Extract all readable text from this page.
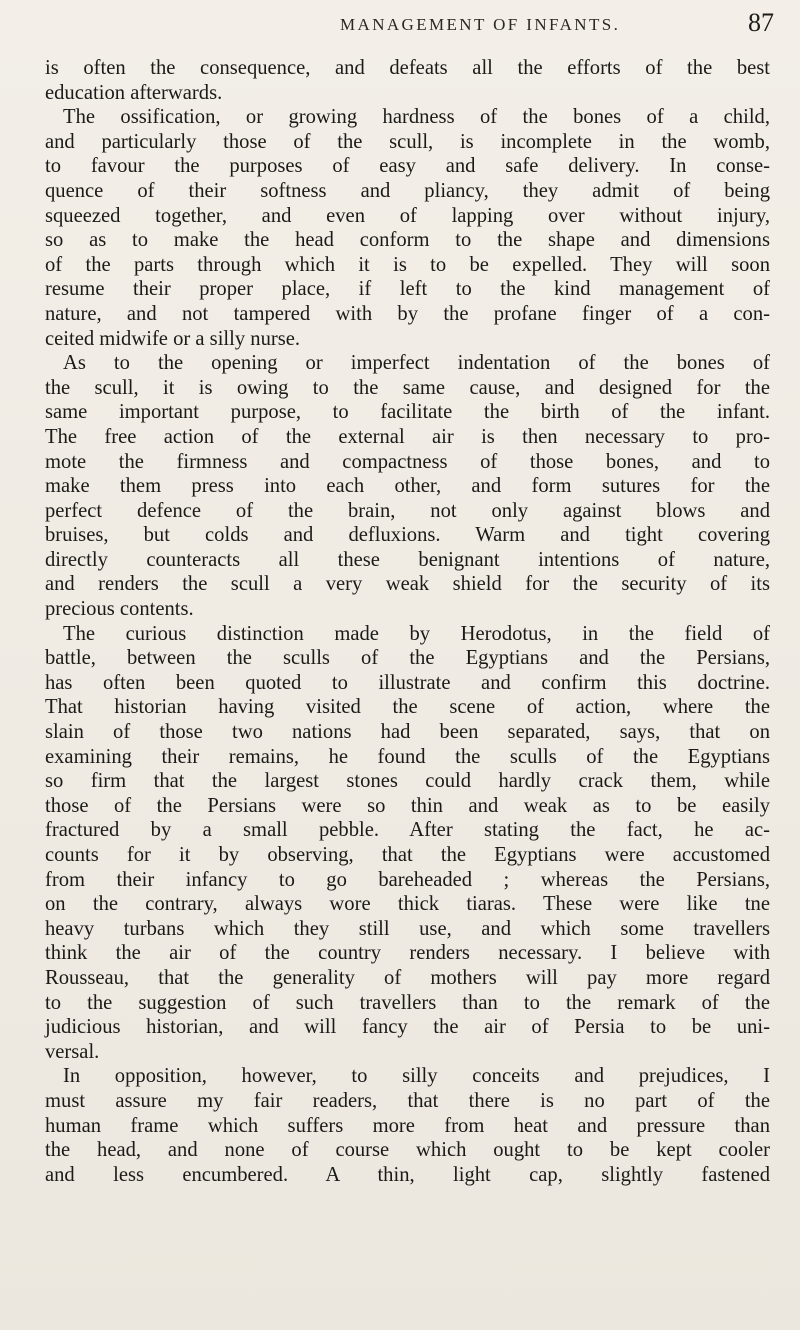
MANAGEMENT OF INFANTS.	87
is often the consequence, and defeats all the efforts of the best
education afterwards.
The ossification, or growing hardness of the bones of a child,
and particularly those of the scull, is incomplete in the womb,
to favour the purposes of easy and safe delivery. In conse-
quence of their softness and pliancy, they admit of being
squeezed together, and even of lapping over without injury,
so as to make the head conform to the shape and dimensions
of the parts through which it is to be expelled. They will soon
resume their proper place, if left to the kind management of
nature, and not tampered with by the profane finger of a con-
ceited midwife or a silly nurse.
As to the opening or imperfect indentation of the bones of
the scull, it is owing to the same cause, and designed for the
same important purpose, to facilitate the birth of the infant.
The free action of the external air is then necessary to pro-
mote the firmness and compactness of those bones, and to
make them press into each other, and form sutures for the
perfect defence of the brain, not only against blows and
bruises, but colds and defluxions. Warm and tight covering
directly counteracts all these benignant intentions of nature,
and renders the scull a very weak shield for the security of its
precious contents.
The curious distinction made by Herodotus, in the field of
battle, between the sculls of the Egyptians and the Persians,
has often been quoted to illustrate and confirm this doctrine.
That historian having visited the scene of action, where the
slain of those two nations had been separated, says, that on
examining their remains, he found the sculls of the Egyptians
so firm that the largest stones could hardly crack them, while
those of the Persians were so thin and weak as to be easily
fractured by a small pebble. After stating the fact, he ac-
counts for it by observing, that the Egyptians were accustomed
from their infancy to go bareheaded ; whereas the Persians,
on the contrary, always wore thick tiaras. These were like tne
heavy turbans which they still use, and which some travellers
think the air of the country renders necessary. I believe with
Rousseau, that the generality of mothers will pay more regard
to the suggestion of such travellers than to the remark of the
judicious historian, and will fancy the air of Persia to be uni-
versal.
In opposition, however, to silly conceits and prejudices, I
must assure my fair readers, that there is no part of the
human frame which suffers more from heat and pressure than
the head, and none of course which ought to be kept cooler
and less encumbered. A thin, light cap, slightly fastened
